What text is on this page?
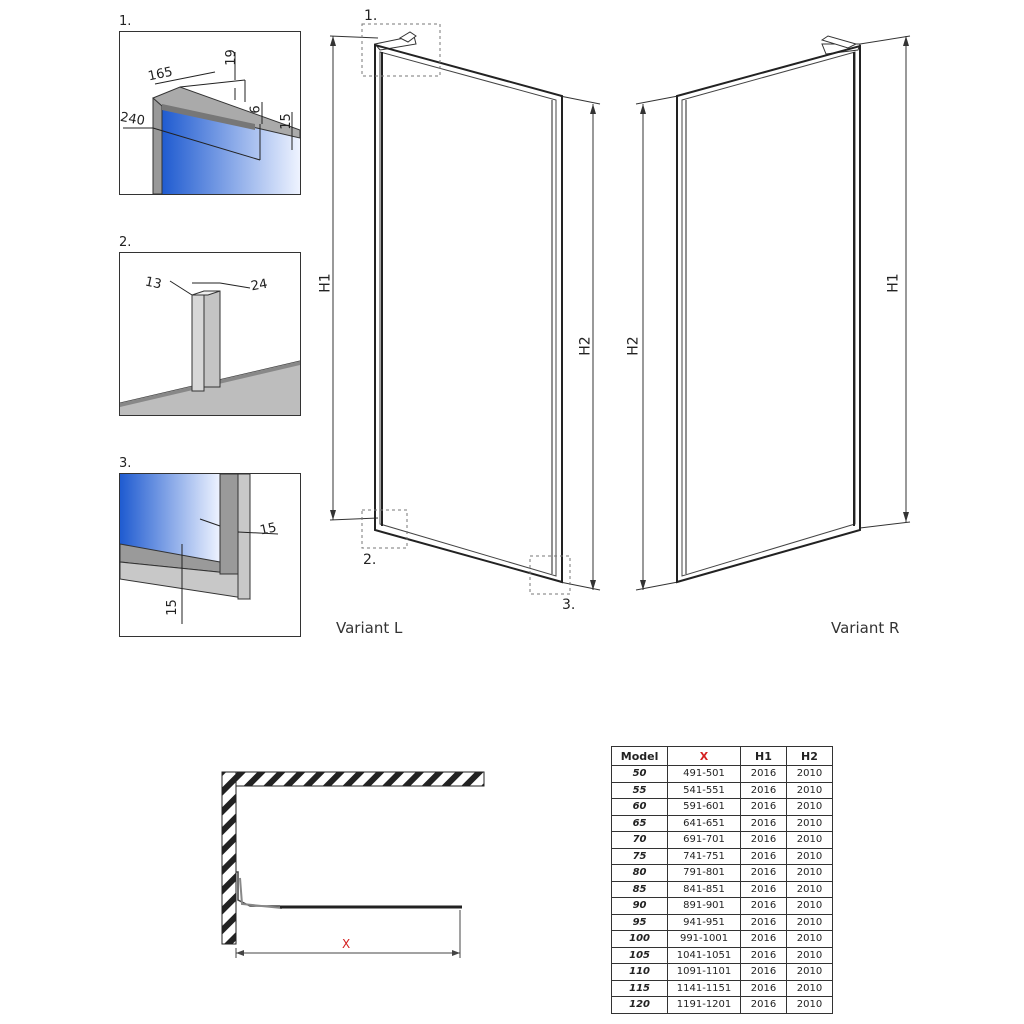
1.
165
19
240
6
15
2.
13	24
3.
15
15
1.
2.
3.
H1
H2
Variant L
H2
H1
Variant R
X
Model	X	H1	H2
50	491-501	2016	2010
55	541-551	2016	2010
60	591-601	2016	2010
65	641-651	2016	2010
70	691-701	2016	2010
75	741-751	2016	2010
80	791-801	2016	2010
85	841-851	2016	2010
90	891-901	2016	2010
95	941-951	2016	2010
100	991-1001	2016	2010
105	1041-1051	2016	2010
110	1091-1101	2016	2010
115	1141-1151	2016	2010
120	1191-1201	2016	2010
